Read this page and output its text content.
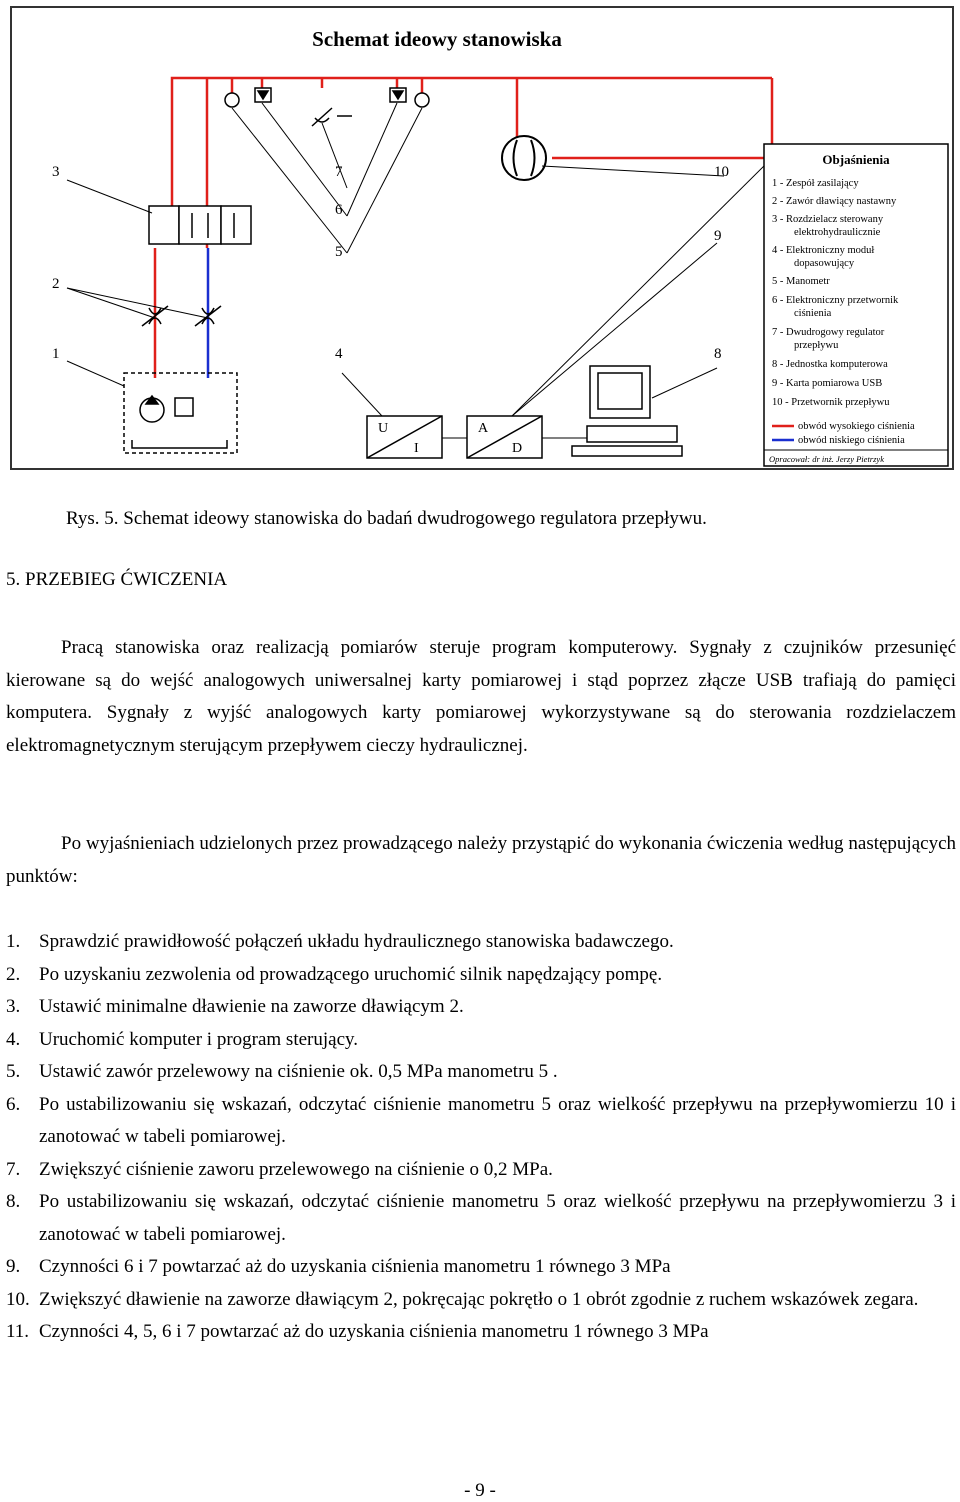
Schemat ideowy stanowiska
U
I
A
D
3
2
1
7
6
5
4
10
9
8
Objaśnienia
1 - Zespół zasilający
2 - Zawór dławiący nastawny
3 - Rozdzielacz sterowany
elektrohydraulicznie
4 - Elektroniczny moduł
dopasowujący
5 - Manometr
6 - Elektroniczny przetwornik
ciśnienia
7 - Dwudrogowy regulator
przepływu
8 - Jednostka komputerowa
9 - Karta pomiarowa USB
10 - Przetwornik przepływu
obwód wysokiego ciśnienia
obwód niskiego ciśnienia
Opracował: dr inż. Jerzy Pietrzyk
Rys. 5. Schemat ideowy stanowiska do badań dwudrogowego regulatora przepływu.
5. PRZEBIEG ĆWICZENIA

Pracą stanowiska oraz realizacją pomiarów steruje program komputerowy. Sygnały z czujników przesunięć kierowane są do wejść analogowych uniwersalnej karty pomiarowej i stąd poprzez złącze USB trafiają do pamięci komputera. Sygnały z wyjść analogowych karty pomiarowej wykorzystywane są do sterowania rozdzielaczem elektromagnetycznym sterującym przepływem cieczy hydraulicznej.

Po wyjaśnieniach udzielonych przez prowadzącego należy przystąpić do wykonania ćwiczenia według następujących punktów:

1. Sprawdzić prawidłowość połączeń układu hydraulicznego stanowiska badawczego.
2. Po uzyskaniu zezwolenia od prowadzącego uruchomić silnik napędzający pompę.
3. Ustawić minimalne dławienie na zaworze dławiącym 2.
4. Uruchomić komputer i program sterujący.
5. Ustawić zawór przelewowy na ciśnienie ok. 0,5 MPa manometru 5 .
6. Po ustabilizowaniu się wskazań, odczytać ciśnienie manometru 5 oraz wielkość przepływu na przepływomierzu 10 i zanotować w tabeli pomiarowej.
7. Zwiększyć ciśnienie zaworu przelewowego na ciśnienie o 0,2 MPa.
8. Po ustabilizowaniu się wskazań, odczytać ciśnienie manometru 5 oraz wielkość przepływu na przepływomierzu 3 i zanotować w tabeli pomiarowej.
9. Czynności 6 i 7 powtarzać aż do uzyskania ciśnienia manometru 1 równego 3 MPa
10. Zwiększyć dławienie na zaworze dławiącym 2, pokręcając pokrętło o 1 obrót zgodnie z ruchem wskazówek zegara.
11. Czynności 4, 5, 6 i 7 powtarzać aż do uzyskania ciśnienia manometru 1 równego 3 MPa
- 9 -
